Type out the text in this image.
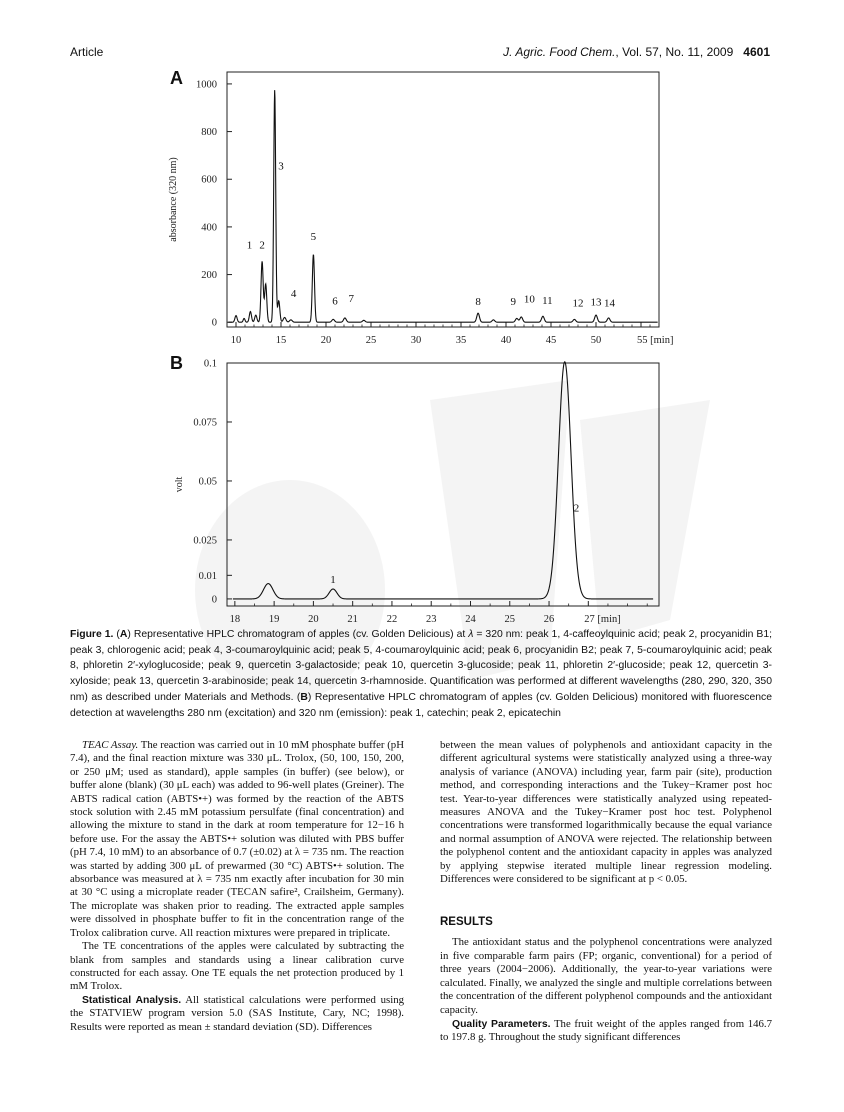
Article	J. Agric. Food Chem., Vol. 57, No. 11, 2009 4601
A
B
0
200
400
600
800
1000
10	15	20	25	30	35	40	45	50	55 [min]
absorbance (320 nm)
1 2
3
4
5
6 7	8	9 10 11 12 13 14
0
0.01
0.025
0.05
0.075
0.1
18	19	20	21	22	23	24	25	26	27 [min]
volt
1
2
Figure 1. (A) Representative HPLC chromatogram of apples (cv. Golden Delicious) at λ = 320 nm: peak 1, 4-caffeoylquinic acid; peak 2, procyanidin B1; peak 3, chlorogenic acid; peak 4, 3-coumaroylquinic acid; peak 5, 4-coumaroylquinic acid; peak 6, procyanidin B2; peak 7, 5-coumaroylquinic acid; peak 8, phloretin 2′-xyloglucoside; peak 9, quercetin 3-galactoside; peak 10, quercetin 3-glucoside; peak 11, phloretin 2′-glucoside; peak 12, quercetin 3-xyloside; peak 13, quercetin 3-arabinoside; peak 14, quercetin 3-rhamnoside. Quantification was performed at different wavelengths (280, 290, 320, 350 nm) as described under Materials and Methods. (B) Representative HPLC chromatogram of apples (cv. Golden Delicious) monitored with fluorescence detection at wavelengths 280 nm (excitation) and 320 nm (emission): peak 1, catechin; peak 2, epicatechin

TEAC Assay. The reaction was carried out in 10 mM phosphate buffer (pH 7.4), and the final reaction mixture was 330 μL. Trolox, (50, 100, 150, 200, or 250 μM; used as standard), apple samples (in buffer) (see below), or buffer alone (blank) (30 μL each) was added to 96-well plates (Greiner). The ABTS radical cation (ABTS•+) was formed by the reaction of the ABTS stock solution with 2.45 mM potassium persulfate (final concentration) and allowing the mixture to stand in the dark at room temperature for 12−16 h before use. For the assay the ABTS•+ solution was diluted with PBS buffer (pH 7.4, 10 mM) to an absorbance of 0.7 (±0.02) at λ = 735 nm. The reaction was started by adding 300 μL of prewarmed (30 °C) ABTS•+ solution. The absorbance was measured at λ = 735 nm exactly after incubation for 30 min at 30 °C using a microplate reader (TECAN safire², Crailsheim, Germany). The microplate was shaken prior to reading. The extracted apple samples were dissolved in phosphate buffer to fit in the concentration range of the Trolox calibration curve. All reaction mixtures were prepared in triplicate.

The TE concentrations of the apples were calculated by subtracting the blank from samples and standards using a linear calibration curve constructed for each assay. One TE equals the net protection produced by 1 mM Trolox.

Statistical Analysis. All statistical calculations were performed using the STATVIEW program version 5.0 (SAS Institute, Cary, NC; 1998). Results were reported as mean ± standard deviation (SD). Differences

between the mean values of polyphenols and antioxidant capacity in the different agricultural systems were statistically analyzed using a three-way analysis of variance (ANOVA) including year, farm pair (site), production method, and corresponding interactions and the Tukey−Kramer post hoc test. Year-to-year differences were statistically analyzed using repeated-measures ANOVA and the Tukey−Kramer post hoc test. Polyphenol concentrations were transformed logarithmically because the equal variance and normal assumption of ANOVA were rejected. The relationship between the polyphenol content and the antioxidant capacity in apples was analyzed by applying stepwise iterated multiple linear regression modeling. Differences were considered to be significant at p < 0.05.

RESULTS

The antioxidant status and the polyphenol concentrations were analyzed in five comparable farm pairs (FP; organic, conventional) for a period of three years (2004−2006). Additionally, the year-to-year variations were calculated. Finally, we analyzed the single and multiple correlations between the concentration of the different polyphenol compounds and the antioxidant capacity.

Quality Parameters. The fruit weight of the apples ranged from 146.7 to 197.8 g. Throughout the study significant differences
